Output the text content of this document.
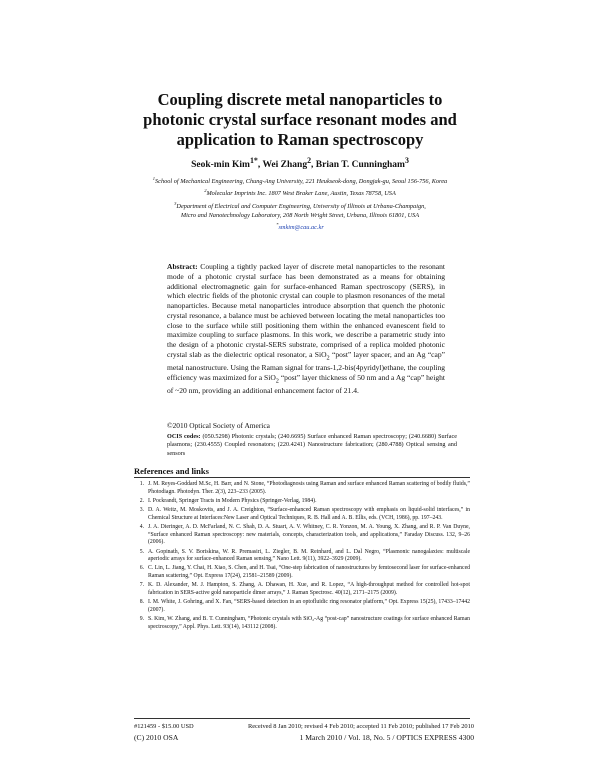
Coupling discrete metal nanoparticles to
photonic crystal surface resonant modes and
application to Raman spectroscopy
Seok-min Kim$^{1*}$, Wei Zhang$^2$, Brian T. Cunningham$^3$
$^1$School of Mechanical Engineering, Chung-Ang University, 221 Heukseok-dong, Dongjak-gu, Seoul 156-756, Korea
$^2$Molecular Imprints Inc. 1807 West Braker Lane, Austin, Texas 78758, USA
$^3$Department of Electrical and Computer Engineering, University of Illinois at Urbana-Champaign,
Micro and Nanotechnology Laboratory, 208 North Wright Street, Urbana, Illinois 61801, USA
*smkim@cau.ac.kr
Abstract: Coupling a tightly packed layer of discrete metal nanoparticles to the resonant mode of a photonic crystal surface has been demonstrated as a means for obtaining additional electromagnetic gain for surface-enhanced Raman spectroscopy (SERS), in which electric fields of the photonic crystal can couple to plasmon resonances of the metal nanoparticles. Because metal nanoparticles introduce absorption that quench the photonic crystal resonance, a balance must be achieved between locating the metal nanoparticles too close to the surface while still positioning them within the enhanced evanescent field to maximize coupling to surface plasmons. In this work, we describe a parametric study into the design of a photonic crystal-SERS substrate, comprised of a replica molded photonic crystal slab as the dielectric optical resonator, a SiO$_2$ “post” layer spacer, and an Ag “cap” metal nanostructure. Using the Raman signal for trans-1,2-bis(4pyridyl)ethane, the coupling efficiency was maximized for a SiO$_2$ “post” layer thickness of 50 nm and a Ag “cap” height of ~20 nm, providing an additional enhancement factor of 21.4.
©2010 Optical Society of America
OCIS codes: (050.5298) Photonic crystals; (240.6695) Surface enhanced Raman spectroscopy; (240.6680) Surface plasmons; (230.4555) Coupled resonators; (220.4241) Nanostructure fabrication; (280.4788) Optical sensing and sensors
References and links
1. J. M. Reyes-Goddard M.Sc, H. Barr, and N. Stone, “Photodiagnosis using Raman and surface enhanced Raman scattering of bodily fluids,” Photodiagn. Photodyn. Ther. 2(3), 223–233 (2005).
2. I. Pockrandt, Springer Tracts in Modern Physics (Springer-Verlag, 1984).
3. D. A. Weitz, M. Moskovits, and J. A. Creighton, “Surface-enhanced Raman spectroscopy with emphasis on liquid-solid interfaces,” in Chemical Structure at Interfaces:New Laser and Optical Techniques, R. B. Hall and A. B. Ellis, eds. (VCH, 1986), pp. 197–243.
4. J. A. Dieringer, A. D. McFarland, N. C. Shah, D. A. Stuart, A. V. Whitney, C. R. Yonzon, M. A. Young, X. Zhang, and R. P. Van Duyne, “Surface enhanced Raman spectroscopy: new materials, concepts, characterization tools, and applications,” Faraday Discuss. 132, 9–26 (2006).
5. A. Gopinath, S. V. Boriskina, W. R. Premasiri, L. Ziegler, B. M. Reinhard, and L. Dal Negro, “Plasmonic nanogalaxies: multiscale aperiodic arrays for surface-enhanced Raman sensing,” Nano Lett. 9(11), 3922–3929 (2009).
6. C. Lin, L. Jiang, Y. Chai, H. Xiao, S. Chen, and H. Tsai, “One-step fabrication of nanostructures by femtosecond laser for surface-enhanced Raman scattering,” Opt. Express 17(24), 21581–21589 (2009).
7. K. D. Alexander, M. J. Hampton, S. Zhang, A. Dhawan, H. Xue, and R. Lopez, “A high-throughput method for controlled hot-spot fabrication in SERS-active gold nanoparticle dimer arrays,” J. Raman Spectrosc. 40(12), 2171–2175 (2009).
8. I. M. White, J. Gohring, and X. Fan, “SERS-based detection in an optofluidic ring resonator platform,” Opt. Express 15(25), 17433–17442 (2007).
9. S. Kim, W. Zhang, and B. T. Cunningham, “Photonic crystals with SiO₂-Ag “post-cap” nanostructure coatings for surface enhanced Raman spectroscopy,” Appl. Phys. Lett. 93(14), 143112 (2008).
#121459 - $15.00 USD	Received 8 Jan 2010; revised 4 Feb 2010; accepted 11 Feb 2010; published 17 Feb 2010
(C) 2010 OSA	1 March 2010 / Vol. 18, No. 5 / OPTICS EXPRESS 4300
